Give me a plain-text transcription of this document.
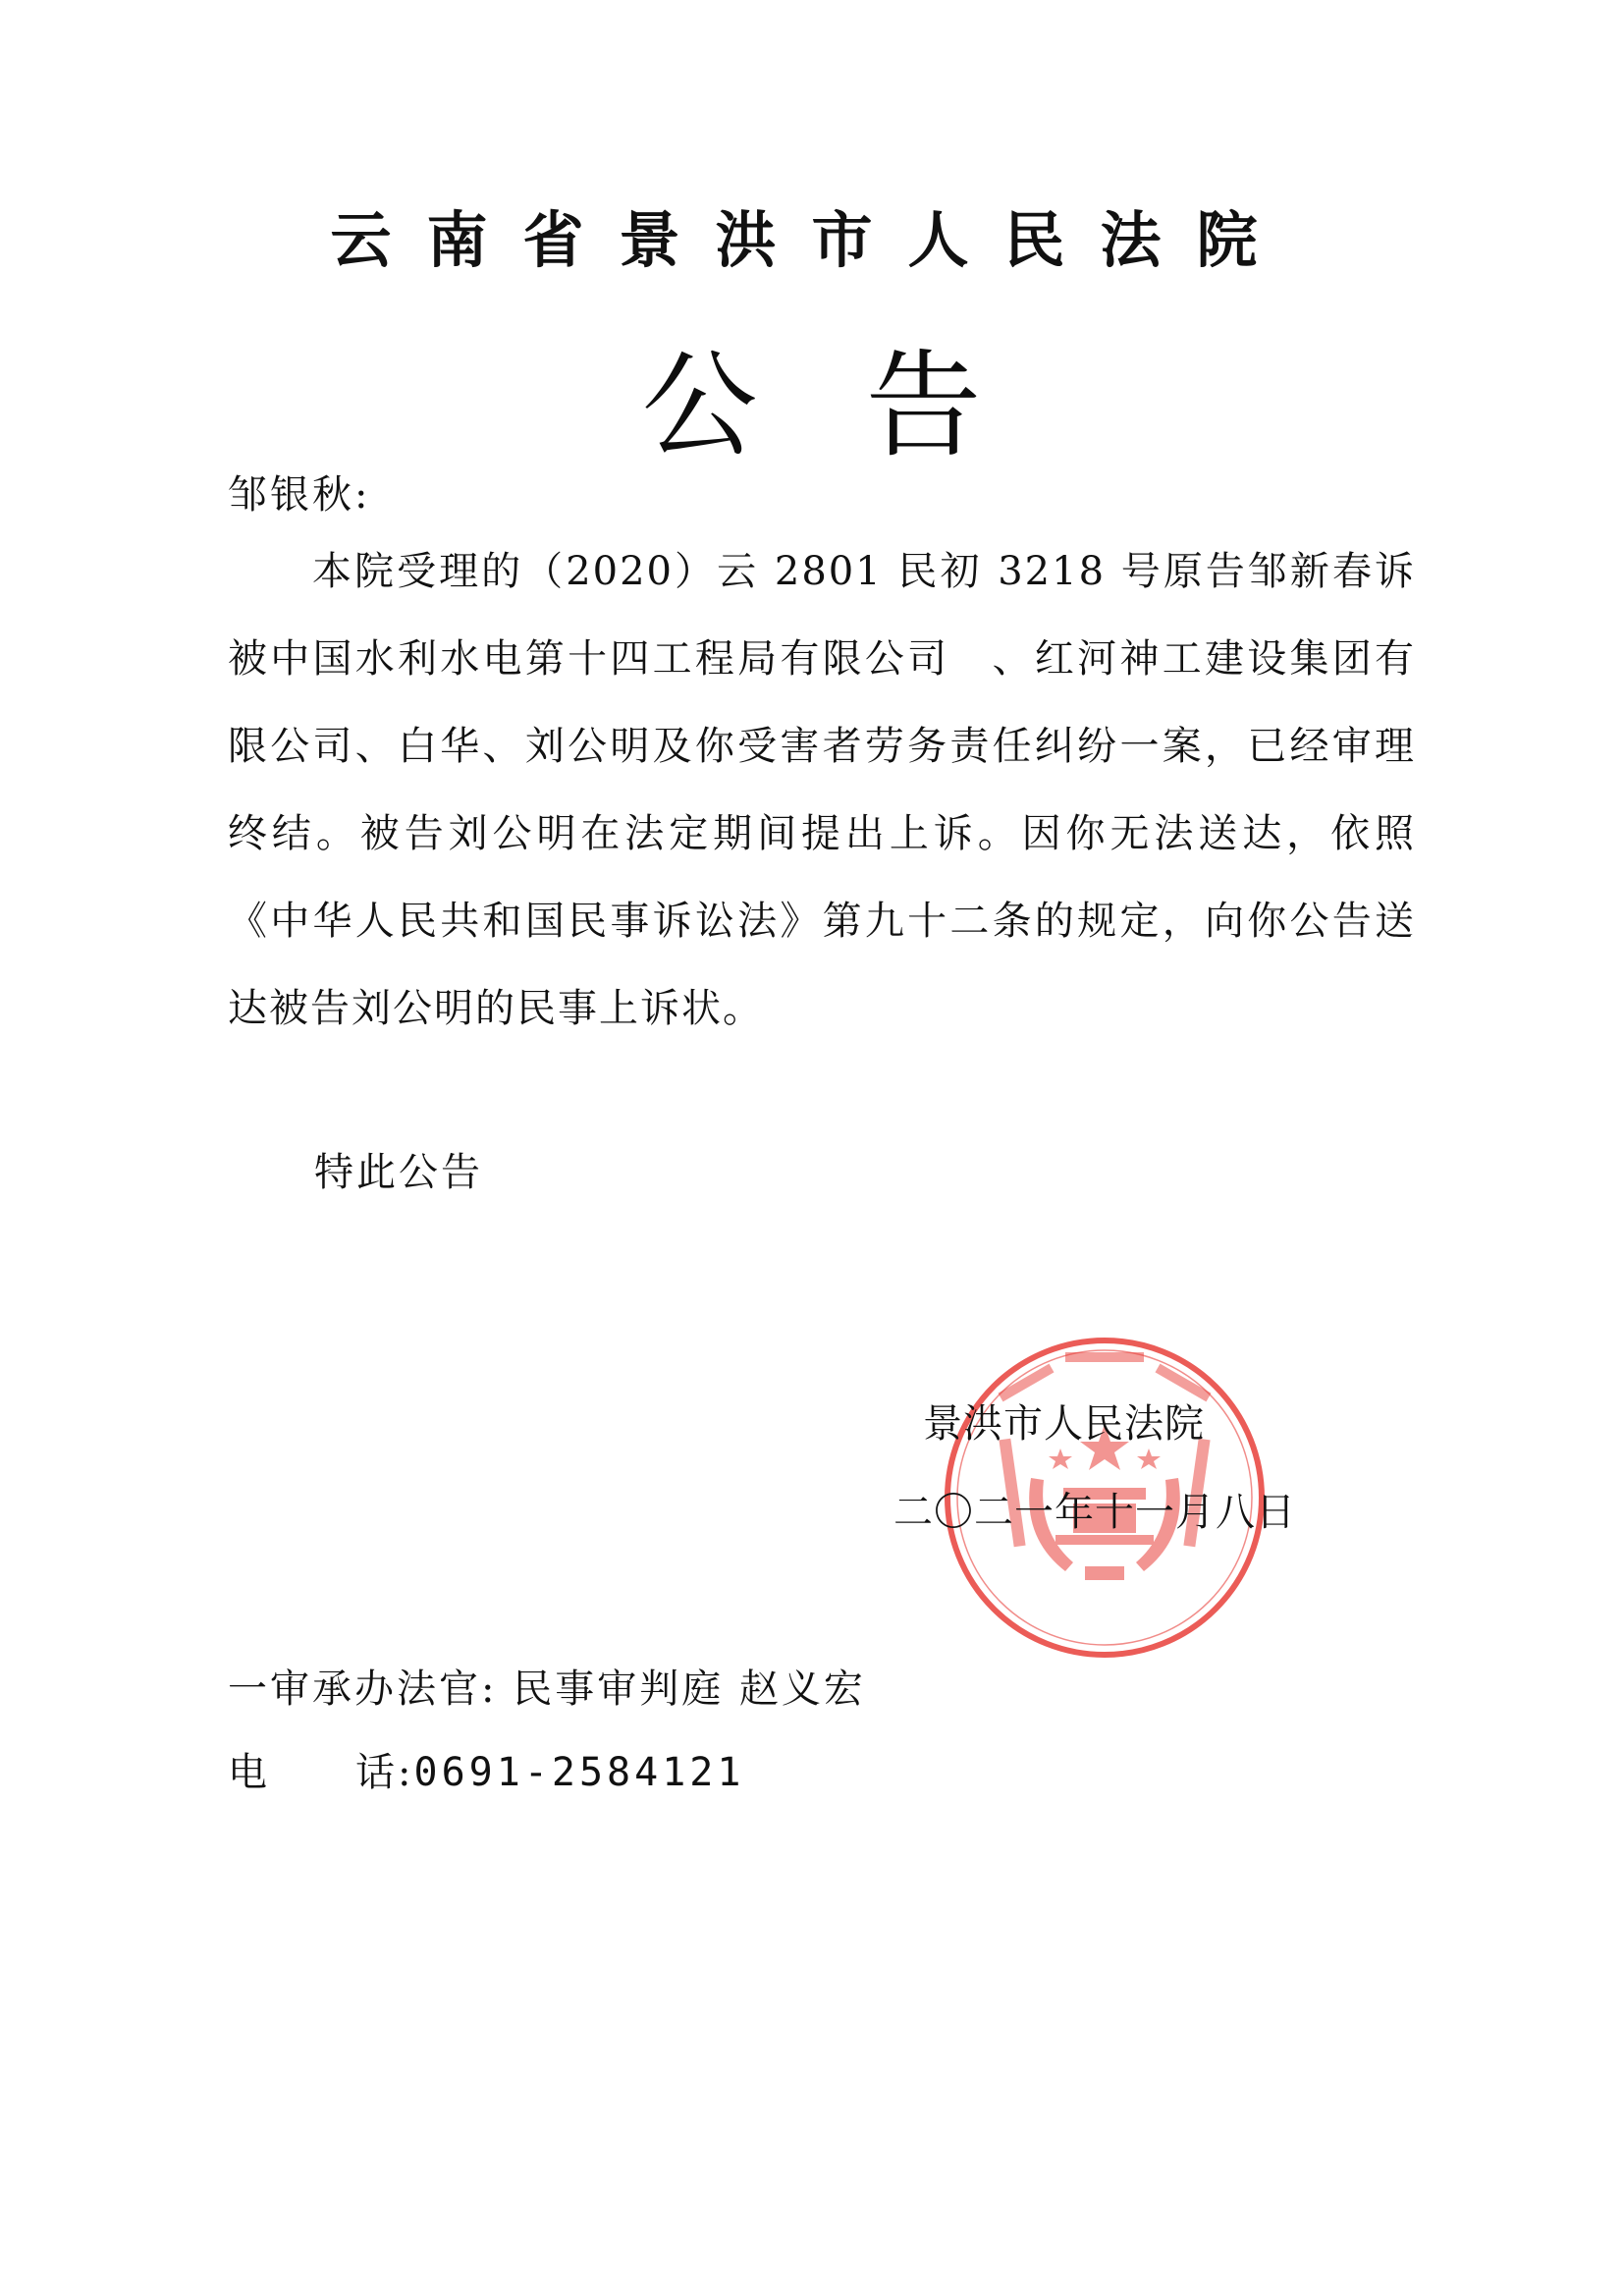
云南省景洪市人民法院
公告
邹银秋:
本院受理的（2020）云 2801 民初 3218 号原告邹新春诉被中国水利水电第十四工程局有限公司　、红河神工建设集团有限公司、白华、刘公明及你受害者劳务责任纠纷一案，已经审理终结。被告刘公明在法定期间提出上诉。因你无法送达，依照《中华人民共和国民事诉讼法》第九十二条的规定，向你公告送达被告刘公明的民事上诉状。
特此公告
景洪市人民法院
二〇二一年十一月八日
一审承办法官: 民事审判庭 赵义宏
电 话:0691-2584121
